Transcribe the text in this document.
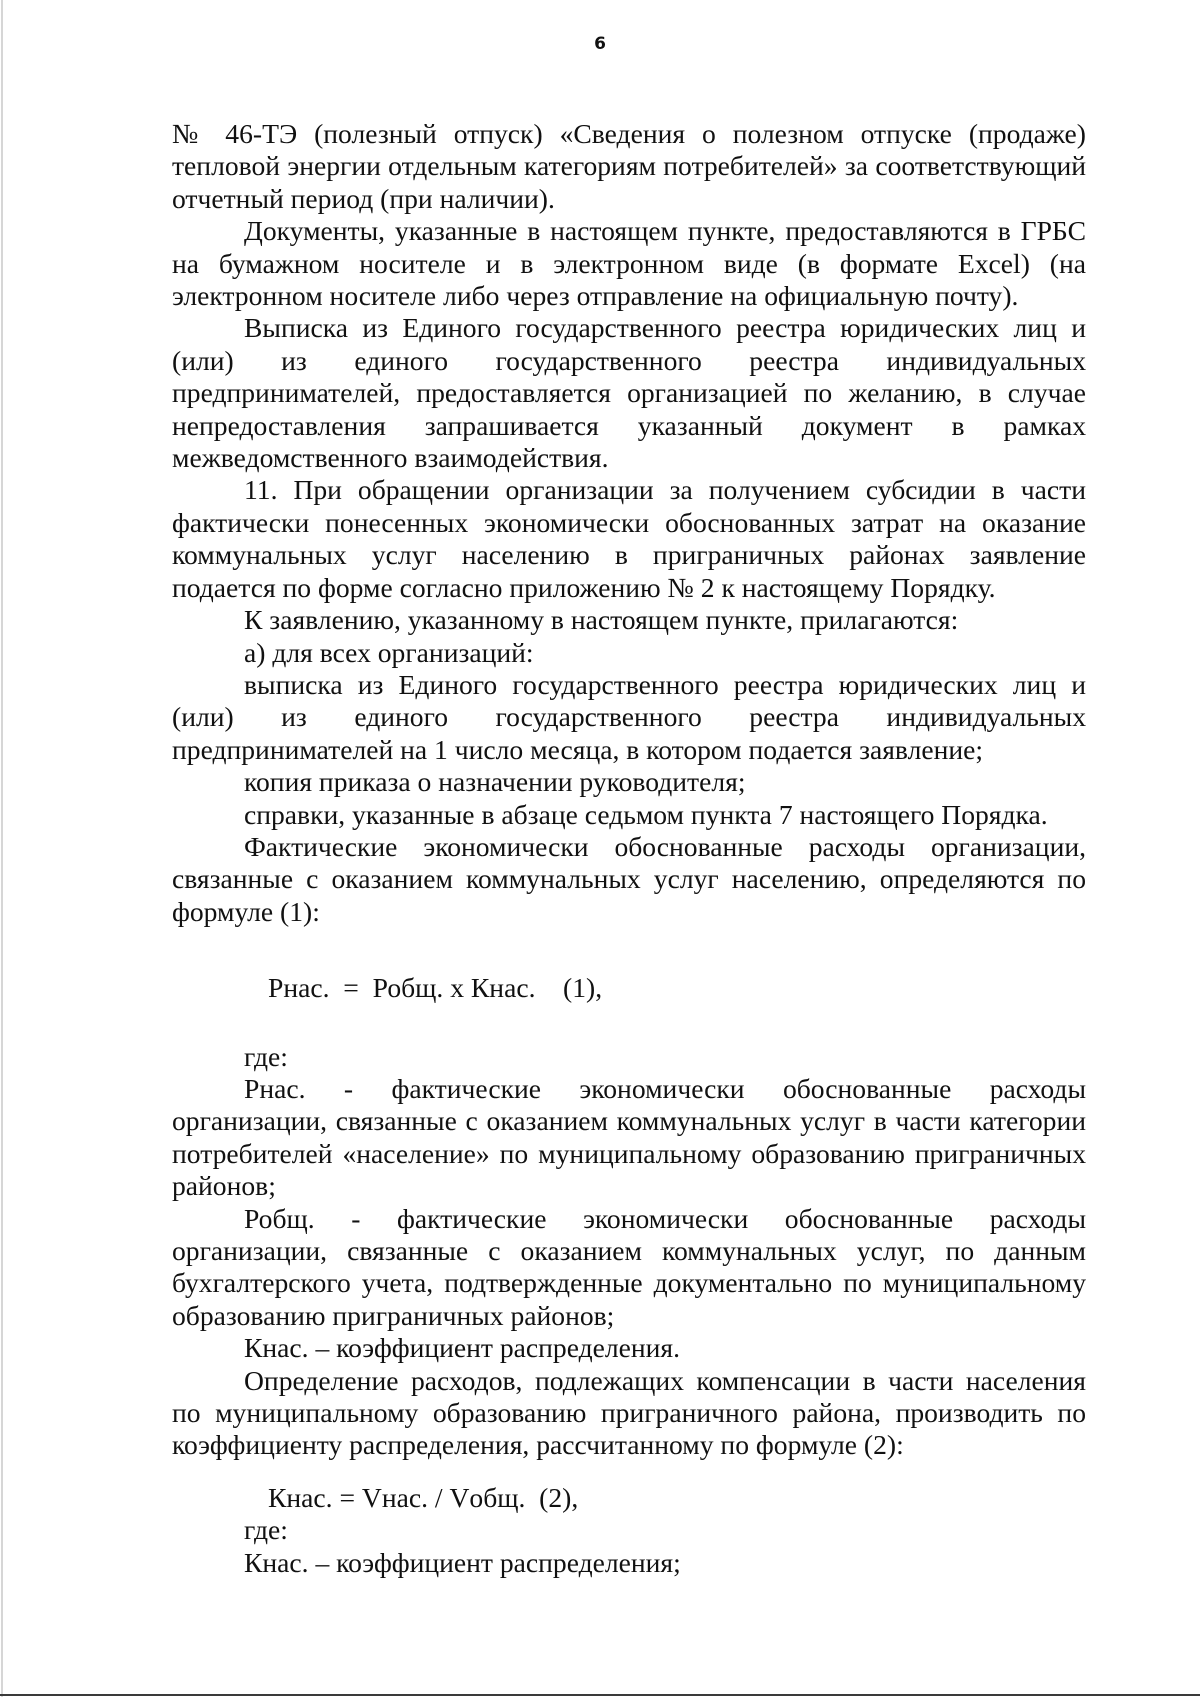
6

№ 46-ТЭ (полезный отпуск) «Сведения о полезном отпуске (продаже) тепловой энергии отдельным категориям потребителей» за соответствующий отчетный период (при наличии).

Документы, указанные в настоящем пункте, предоставляются в ГРБС на бумажном носителе и в электронном виде (в формате Excel) (на электронном носителе либо через отправление на официальную почту).

Выписка из Единого государственного реестра юридических лиц и (или) из единого государственного реестра индивидуальных предпринимателей, предоставляется организацией по желанию, в случае непредоставления запрашивается указанный документ в рамках межведомственного взаимодействия.

11. При обращении организации за получением субсидии в части фактически понесенных экономически обоснованных затрат на оказание коммунальных услуг населению в приграничных районах заявление подается по форме согласно приложению № 2 к настоящему Порядку.

К заявлению, указанному в настоящем пункте, прилагаются:

а) для всех организаций:

выписка из Единого государственного реестра юридических лиц и (или) из единого государственного реестра индивидуальных предпринимателей на 1 число месяца, в котором подается заявление;

копия приказа о назначении руководителя;

справки, указанные в абзаце седьмом пункта 7 настоящего Порядка.

Фактические экономически обоснованные расходы организации, связанные с оказанием коммунальных услуг населению, определяются по формуле (1):

Рнас.  =  Робщ. х Кнас.    (1),

где:

Рнас. - фактические экономически обоснованные расходы организации, связанные с оказанием коммунальных услуг в части категории потребителей «население» по муниципальному образованию приграничных районов;

Робщ. - фактические экономически обоснованные расходы организации, связанные с оказанием коммунальных услуг, по данным бухгалтерского учета, подтвержденные документально по муниципальному образованию приграничных районов;

Кнас. – коэффициент распределения.

Определение расходов, подлежащих компенсации в части населения по муниципальному образованию приграничного района, производить по коэффициенту распределения, рассчитанному по формуле (2):

Кнас. = Vнас. / Vобщ.  (2),

где:

Кнас. – коэффициент распределения;
